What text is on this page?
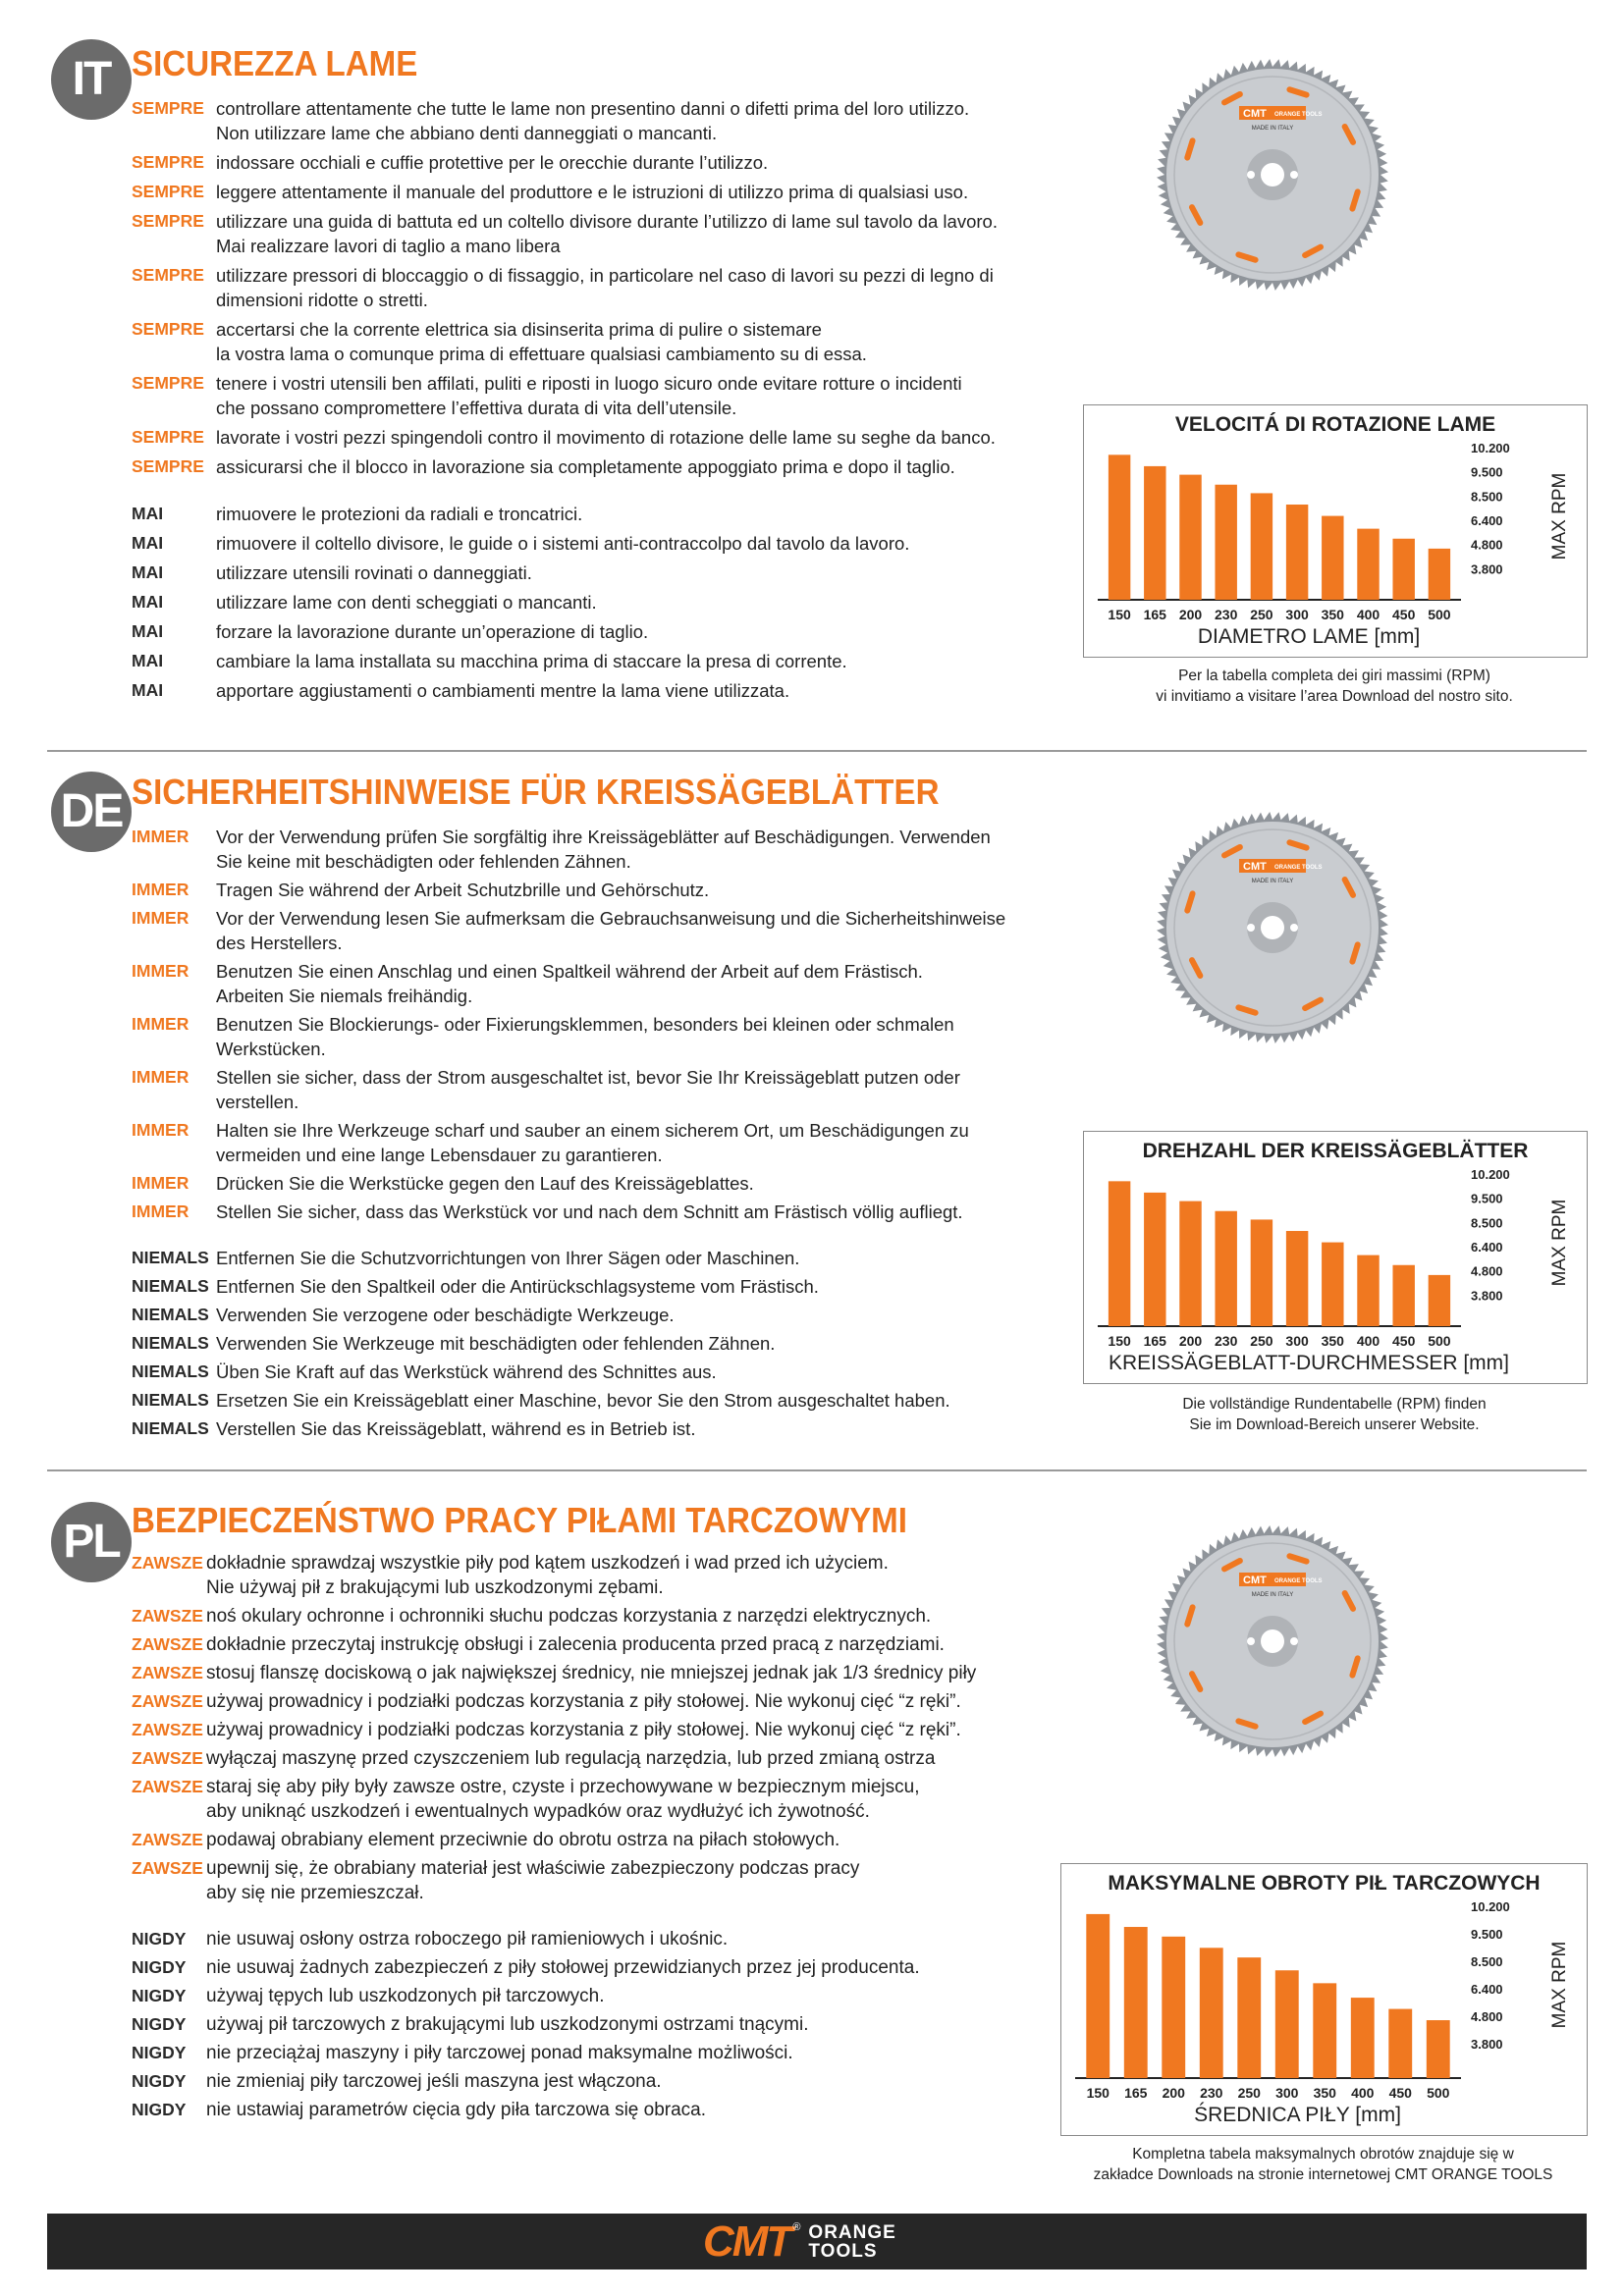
IT SICUREZZA LAME
SEMPRE controllare attentamente che tutte le lame non presentino danni o difetti prima del loro utilizzo.
Non utilizzare lame che abbiano denti danneggiati o mancanti.
SEMPRE indossare occhiali e cuffie protettive per le orecchie durante l’utilizzo.
SEMPRE leggere attentamente il manuale del produttore e le istruzioni di utilizzo prima di qualsiasi uso.
SEMPRE utilizzare una guida di battuta ed un coltello divisore durante l’utilizzo di lame sul tavolo da lavoro.
Mai realizzare lavori di taglio a mano libera
SEMPRE utilizzare pressori di bloccaggio o di fissaggio, in particolare nel caso di lavori su pezzi di legno di
dimensioni ridotte o stretti.
SEMPRE accertarsi che la corrente elettrica sia disinserita prima di pulire o sistemare
la vostra lama o comunque prima di effettuare qualsiasi cambiamento su di essa.
SEMPRE tenere i vostri utensili ben affilati, puliti e riposti in luogo sicuro onde evitare rotture o incidenti
che possano compromettere l’effettiva durata di vita dell’utensile.
SEMPRE lavorate i vostri pezzi spingendoli contro il movimento di rotazione delle lame su seghe da banco.
SEMPRE assicurarsi che il blocco in lavorazione sia completamente appoggiato prima e dopo il taglio.
MAI	rimuovere le protezioni da radiali e troncatrici.
MAI	rimuovere il coltello divisore, le guide o i sistemi anti-contraccolpo dal tavolo da lavoro.
MAI	utilizzare utensili rovinati o danneggiati.
MAI	utilizzare lame con denti scheggiati o mancanti.
MAI	forzare la lavorazione durante un’operazione di taglio.
MAI	cambiare la lama installata su macchina prima di staccare la presa di corrente.
MAI	apportare aggiustamenti o cambiamenti mentre la lama viene utilizzata.
CMT ORANGE TOOLS
MADE IN ITALY
150 165 200 230 250 300 350 400 450 500
10.200
9.500
8.500
6.400
4.800
3.800
MAX RPM
DIAMETRO LAME [mm]
VELOCITÁ DI ROTAZIONE LAME
Per la tabella completa dei giri massimi (RPM)
vi invitiamo a visitare l’area Download del nostro sito.
DE SICHERHEITSHINWEISE FÜR KREISSÄGEBLÄTTER
IMMER	Vor der Verwendung prüfen Sie sorgfältig ihre Kreissägeblätter auf Beschädigungen. Verwenden
Sie keine mit beschädigten oder fehlenden Zähnen.
IMMER	Tragen Sie während der Arbeit Schutzbrille und Gehörschutz.
IMMER	Vor der Verwendung lesen Sie aufmerksam die Gebrauchsanweisung und die Sicherheitshinweise
des Herstellers.
IMMER	Benutzen Sie einen Anschlag und einen Spaltkeil während der Arbeit auf dem Frästisch.
Arbeiten Sie niemals freihändig.
IMMER	Benutzen Sie Blockierungs- oder Fixierungsklemmen, besonders bei kleinen oder schmalen
Werkstücken.
IMMER	Stellen sie sicher, dass der Strom ausgeschaltet ist, bevor Sie Ihr Kreissägeblatt putzen oder
verstellen.
IMMER	Halten sie Ihre Werkzeuge scharf und sauber an einem sicherem Ort, um Beschädigungen zu
vermeiden und eine lange Lebensdauer zu garantieren.
IMMER	Drücken Sie die Werkstücke gegen den Lauf des Kreissägeblattes.
IMMER	Stellen Sie sicher, dass das Werkstück vor und nach dem Schnitt am Frästisch völlig aufliegt.
NIEMALS Entfernen Sie die Schutzvorrichtungen von Ihrer Sägen oder Maschinen.
NIEMALS Entfernen Sie den Spaltkeil oder die Antirückschlagsysteme vom Frästisch.
NIEMALS Verwenden Sie verzogene oder beschädigte Werkzeuge.
NIEMALS Verwenden Sie Werkzeuge mit beschädigten oder fehlenden Zähnen.
NIEMALS Üben Sie Kraft auf das Werkstück während des Schnittes aus.
NIEMALS Ersetzen Sie ein Kreissägeblatt einer Maschine, bevor Sie den Strom ausgeschaltet haben.
NIEMALS Verstellen Sie das Kreissägeblatt, während es in Betrieb ist.
CMT ORANGE TOOLS
MADE IN ITALY
150 165 200 230 250 300 350 400 450 500
10.200
9.500
8.500
6.400
4.800
3.800
MAX RPM
KREISSÄGEBLATT-DURCHMESSER [mm]
DREHZAHL DER KREISSÄGEBLÄTTER
Die vollständige Rundentabelle (RPM) finden
Sie im Download-Bereich unserer Website.
PL BEZPIECZEŃSTWO PRACY PIŁAMI TARCZOWYMI
ZAWSZE dokładnie sprawdzaj wszystkie piły pod kątem uszkodzeń i wad przed ich użyciem.
Nie używaj pił z brakującymi lub uszkodzonymi zębami.
ZAWSZE noś okulary ochronne i ochronniki słuchu podczas korzystania z narzędzi elektrycznych.
ZAWSZE dokładnie przeczytaj instrukcję obsługi i zalecenia producenta przed pracą z narzędziami.
ZAWSZE stosuj flanszę dociskową o jak największej średnicy, nie mniejszej jednak jak 1/3 średnicy piły
ZAWSZE używaj prowadnicy i podziałki podczas korzystania z piły stołowej. Nie wykonuj cięć “z ręki”.
ZAWSZE używaj prowadnicy i podziałki podczas korzystania z piły stołowej. Nie wykonuj cięć “z ręki”.
ZAWSZE wyłączaj maszynę przed czyszczeniem lub regulacją narzędzia, lub przed zmianą ostrza
ZAWSZE staraj się aby piły były zawsze ostre, czyste i przechowywane w bezpiecznym miejscu,
aby uniknąć uszkodzeń i ewentualnych wypadków oraz wydłużyć ich żywotność.
ZAWSZE podawaj obrabiany element przeciwnie do obrotu ostrza na piłach stołowych.
ZAWSZE upewnij się, że obrabiany materiał jest właściwie zabezpieczony podczas pracy
aby się nie przemieszczał.
NIGDY	nie usuwaj osłony ostrza roboczego pił ramieniowych i ukośnic.
NIGDY	nie usuwaj żadnych zabezpieczeń z piły stołowej przewidzianych przez jej producenta.
NIGDY	używaj tępych lub uszkodzonych pił tarczowych.
NIGDY	używaj pił tarczowych z brakującymi lub uszkodzonymi ostrzami tnącymi.
NIGDY	nie przeciążaj maszyny i piły tarczowej ponad maksymalne możliwości.
NIGDY	nie zmieniaj piły tarczowej jeśli maszyna jest włączona.
NIGDY	nie ustawiaj parametrów cięcia gdy piła tarczowa się obraca.
CMT ORANGE TOOLS
MADE IN ITALY
150 165 200 230 250 300 350 400 450 500
10.200
9.500
8.500
6.400
4.800
3.800
MAX RPM
ŚREDNICA PIŁY [mm]
MAKSYMALNE OBROTY PIŁ TARCZOWYCH
Kompletna tabela maksymalnych obrotów znajduje się w
zakładce Downloads na stronie internetowej CMT ORANGE TOOLS
CMT ® ORANGE
TOOLS
